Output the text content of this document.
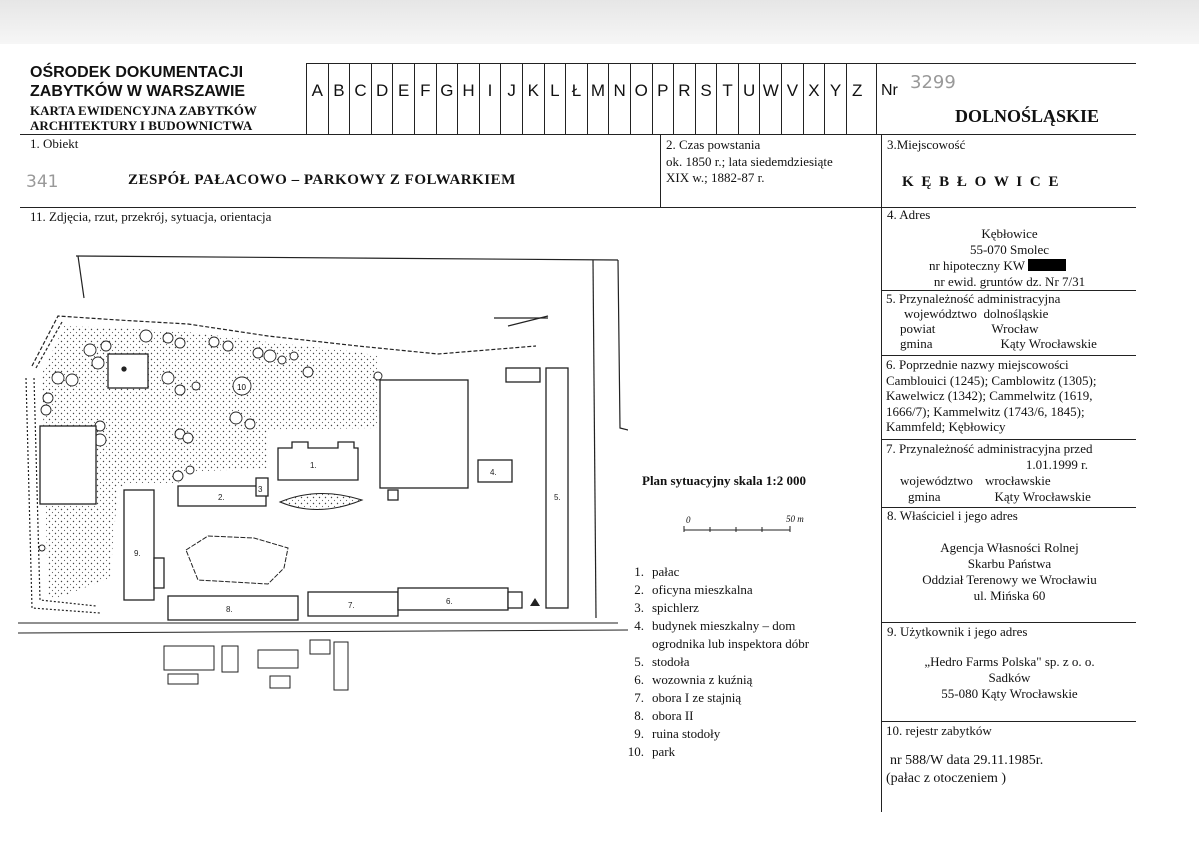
OŚRODEK DOKUMENTACJI
ZABYTKÓW W WARSZAWIE
KARTA EWIDENCYJNA ZABYTKÓW
ARCHITEKTURY I BUDOWNICTWA
A B C D E F G H I J K L Ł M N O P R S T U W V X Y Z	Nr 3299
DOLNOŚLĄSKIE
1. Obiekt
341	ZESPÓŁ PAŁACOWO – PARKOWY Z FOLWARKIEM
2. Czas powstania
ok. 1850 r.; lata siedemdziesiąte
XIX w.; 1882-87 r.
3.Miejscowość
K Ę B Ł O W I C E
11. Zdjęcia, rzut, przekrój, sytuacja, orientacja
10
1.
2.
3
4.
5.
6.
7.
8.
9.
Plan sytuacyjny skala 1:2 000
0	50 m
1. pałac
2. oficyna mieszkalna
3. spichlerz
4. budynek mieszkalny – dom
ogrodnika lub inspektora dóbr
5. stodoła
6. wozownia z kuźnią
7. obora I ze stajnią
8. obora II
9. ruina stodoły
10. park
4. Adres
Kębłowice
55-070 Smolec
nr hipoteczny KW
nr ewid. gruntów dz. Nr 7/31
5. Przynależność administracyjna
województwo dolnośląskie
powiat	Wrocław
gmina	Kąty Wrocławskie
6. Poprzednie nazwy miejscowości
Camblouici (1245); Camblowitz (1305);
Kawelwicz (1342); Cammelwitz (1619,
1666/7); Kammelwitz (1743/6, 1845);
Kammfeld; Kębłowicy
7. Przynależność administracyjna przed
1.01.1999 r.
województwo wrocławskie
gmina	Kąty Wrocławskie
8. Właściciel i jego adres
Agencja Własności Rolnej
Skarbu Państwa
Oddział Terenowy we Wrocławiu
ul. Mińska 60
9. Użytkownik i jego adres
„Hedro Farms Polska" sp. z o. o.
Sadków
55-080 Kąty Wrocławskie
10. rejestr zabytków
nr 588/W data 29.11.1985r.
(pałac z otoczeniem )
